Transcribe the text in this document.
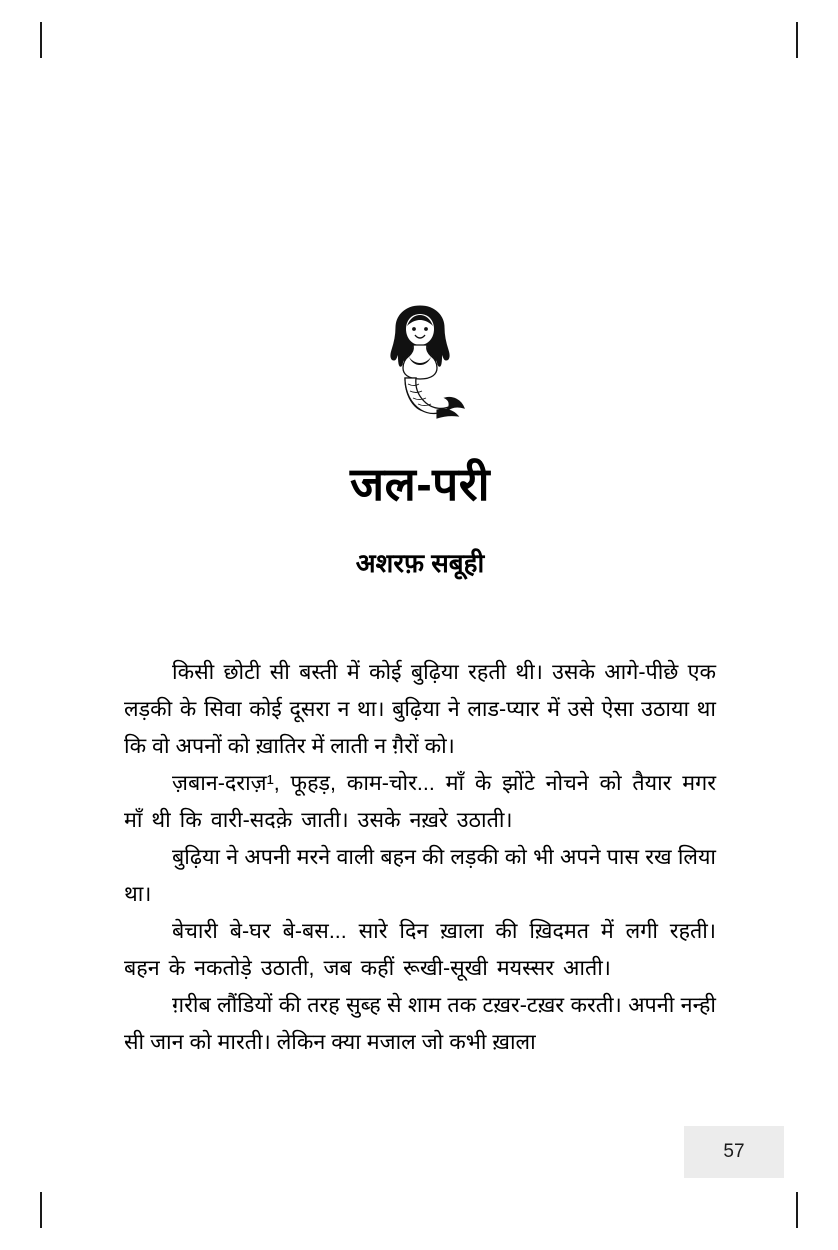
जल-परी
अशरफ़ सबूही

किसी छोटी सी बस्ती में कोई बुढ़िया रहती थी। उसके आगे-पीछे एक लड़की के सिवा कोई दूसरा न था। बुढ़िया ने लाड-प्यार में उसे ऐसा उठाया था कि वो अपनों को ख़ातिर में लाती न ग़ैरों को।

ज़बान-दराज़¹, फूहड़, काम-चोर... माँ के झोंटे नोचने को तैयार मगर माँ थी कि वारी-सदक़े जाती। उसके नख़रे उठाती।

बुढ़िया ने अपनी मरने वाली बहन की लड़की को भी अपने पास रख लिया था।

बेचारी बे-घर बे-बस... सारे दिन ख़ाला की ख़िदमत में लगी रहती। बहन के नकतोड़े उठाती, जब कहीं रूखी-सूखी मयस्सर आती।

ग़रीब लौंडियों की तरह सुब्ह से शाम तक टख़र-टख़र करती। अपनी नन्ही सी जान को मारती। लेकिन क्या मजाल जो कभी ख़ाला

57
